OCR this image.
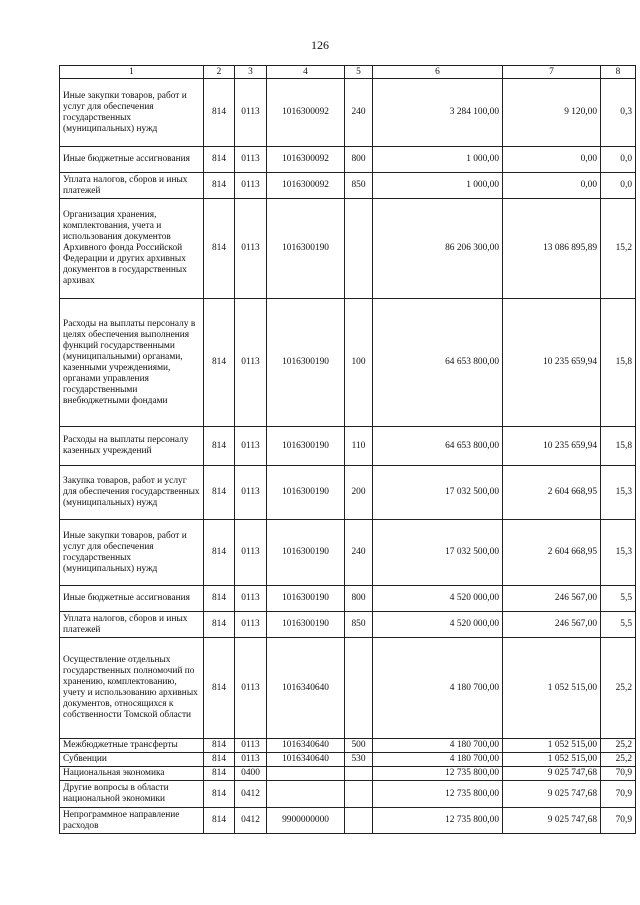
126
1	2	3	4	5	6	7	8
Иные закупки товаров, работ и услуг для обеспечения государственных (муниципальных) нужд	814	0113	1016300092	240	3 284 100,00	9 120,00	0,3
Иные бюджетные ассигнования	814	0113	1016300092	800	1 000,00	0,00	0,0
Уплата налогов, сборов и иных платежей	814	0113	1016300092	850	1 000,00	0,00	0,0
Организация хранения, комплектования, учета и использования документов Архивного фонда Российской Федерации и других архивных документов в государственных архивах	814	0113	1016300190		86 206 300,00	13 086 895,89	15,2
Расходы на выплаты персоналу в целях обеспечения выполнения функций государственными (муниципальными) органами, казенными учреждениями, органами управления государственными внебюджетными фондами	814	0113	1016300190	100	64 653 800,00	10 235 659,94	15,8
Расходы на выплаты персоналу казенных учреждений	814	0113	1016300190	110	64 653 800,00	10 235 659,94	15,8
Закупка товаров, работ и услуг для обеспечения государственных (муниципальных) нужд	814	0113	1016300190	200	17 032 500,00	2 604 668,95	15,3
Иные закупки товаров, работ и услуг для обеспечения государственных (муниципальных) нужд	814	0113	1016300190	240	17 032 500,00	2 604 668,95	15,3
Иные бюджетные ассигнования	814	0113	1016300190	800	4 520 000,00	246 567,00	5,5
Уплата налогов, сборов и иных платежей	814	0113	1016300190	850	4 520 000,00	246 567,00	5,5
Осуществление отдельных государственных полномочий по хранению, комплектованию, учету и использованию архивных документов, относящихся к собственности Томской области	814	0113	1016340640		4 180 700,00	1 052 515,00	25,2
Межбюджетные трансферты	814	0113	1016340640	500	4 180 700,00	1 052 515,00	25,2
Субвенции	814	0113	1016340640	530	4 180 700,00	1 052 515,00	25,2
Национальная экономика	814	0400			12 735 800,00	9 025 747,68	70,9
Другие вопросы в области национальной экономики	814	0412			12 735 800,00	9 025 747,68	70,9
Непрограммное направление расходов	814	0412	9900000000		12 735 800,00	9 025 747,68	70,9
